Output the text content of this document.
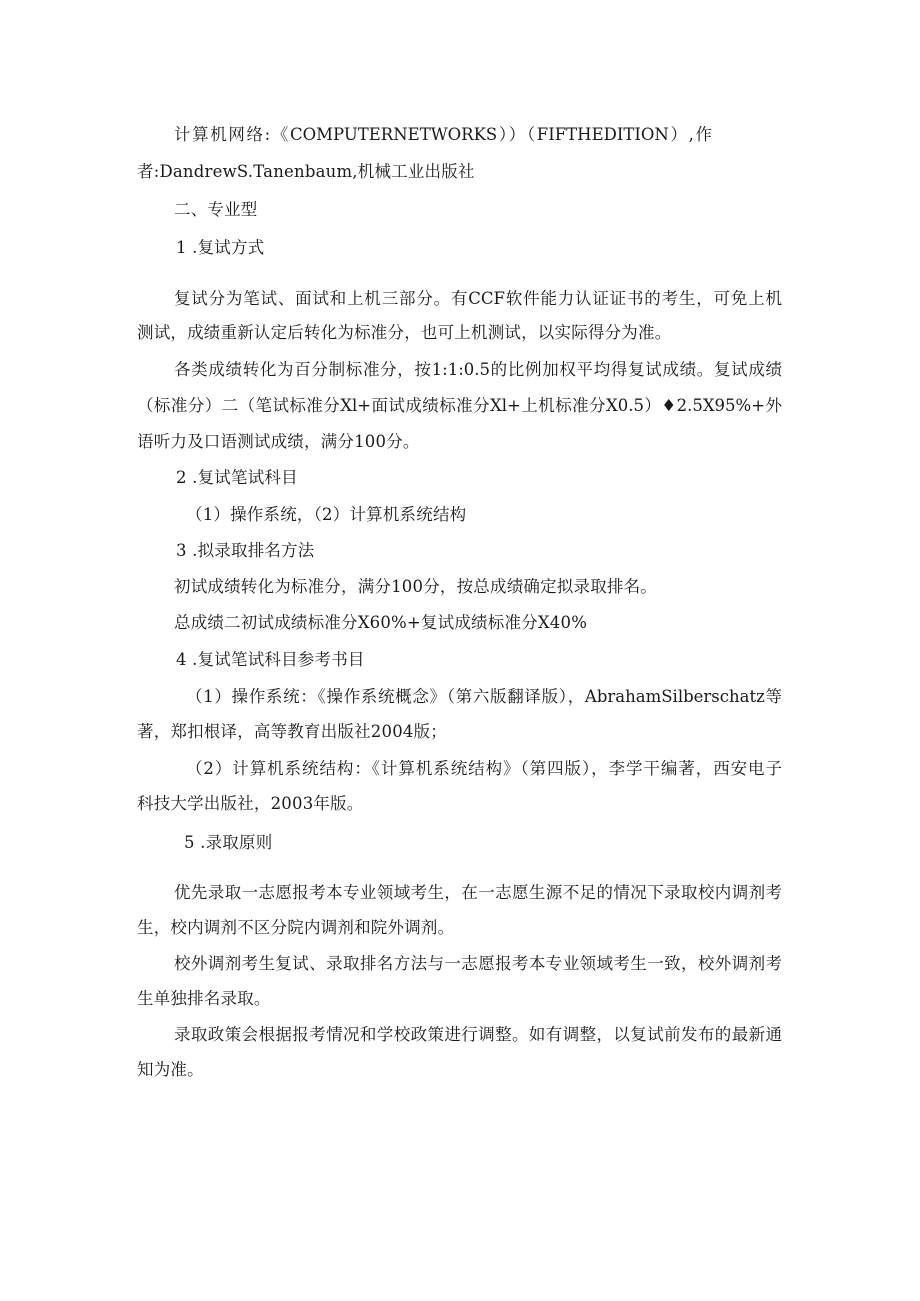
计算机网络:《COMPUTERNETWORKS））（FIFTHEDITION）,作
者:DandrewS.Tanenbaum,机械工业出版社
二、专业型
1 .复试方式
复试分为笔试、面试和上机三部分。有CCF软件能力认证证书的考生，可免上机
测试，成绩重新认定后转化为标准分，也可上机测试，以实际得分为准。
各类成绩转化为百分制标准分，按1:1:0.5的比例加权平均得复试成绩。复试成绩
（标准分）二（笔试标准分Xl+面试成绩标准分Xl+上机标准分X0.5）♦2.5X95%+外
语听力及口语测试成绩，满分100分。
2 .复试笔试科目
（1）操作系统，（2）计算机系统结构
3 .拟录取排名方法
初试成绩转化为标准分，满分100分，按总成绩确定拟录取排名。
总成绩二初试成绩标准分X60%+复试成绩标准分X40%
4 .复试笔试科目参考书目
（1）操作系统：《操作系统概念》（第六版翻译版），AbrahamSilberschatz等
著，郑扣根译，高等教育出版社2004版；
（2）计算机系统结构：《计算机系统结构》（第四版），李学干编著，西安电子
科技大学出版社，2003年版。
5 .录取原则
优先录取一志愿报考本专业领域考生，在一志愿生源不足的情况下录取校内调剂考
生，校内调剂不区分院内调剂和院外调剂。
校外调剂考生复试、录取排名方法与一志愿报考本专业领域考生一致，校外调剂考
生单独排名录取。
录取政策会根据报考情况和学校政策进行调整。如有调整，以复试前发布的最新通
知为准。
